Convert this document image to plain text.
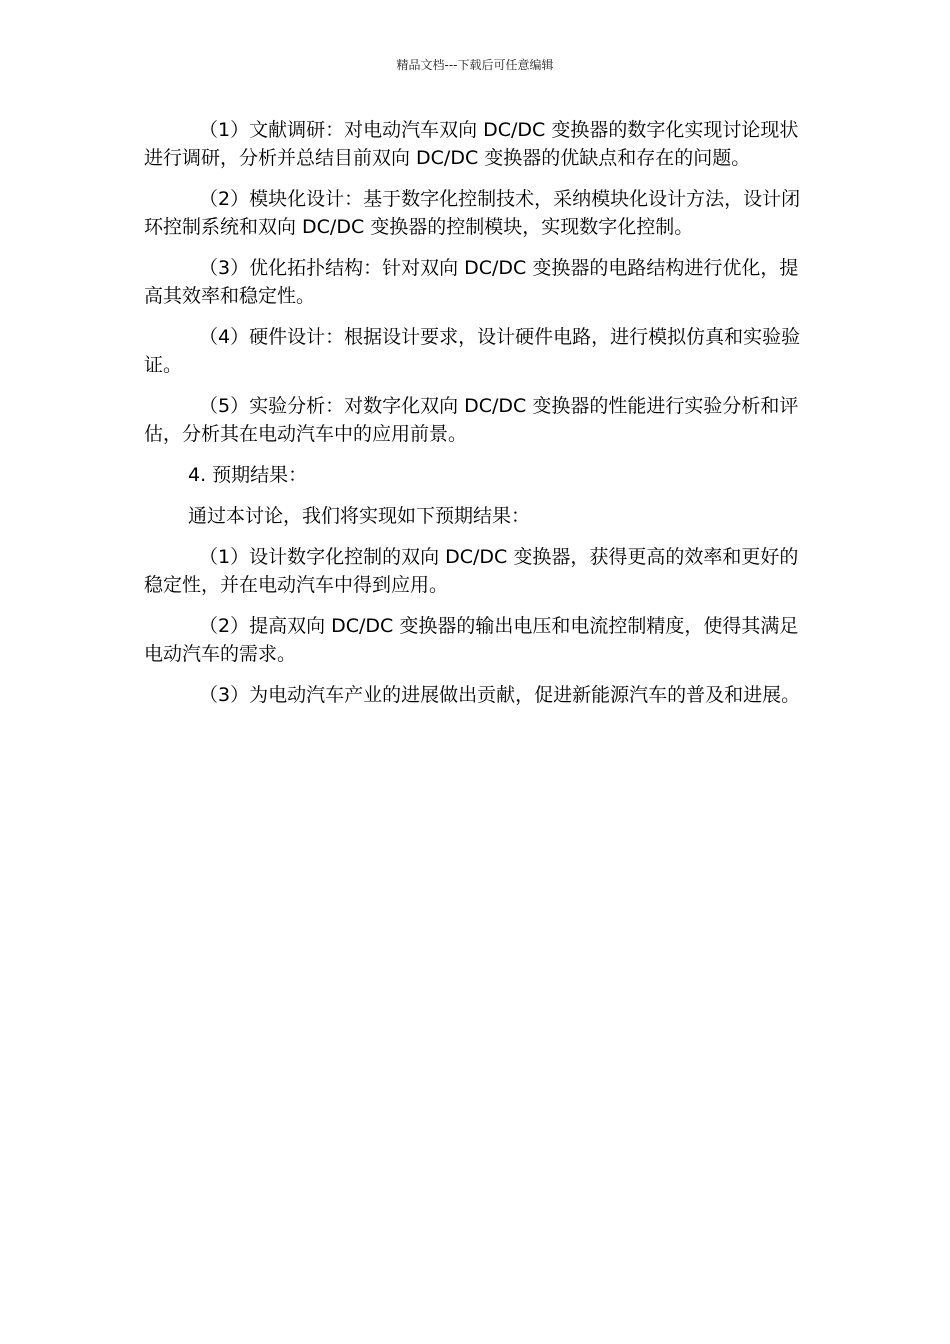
精品文档---下载后可任意编辑

（1）文献调研：对电动汽车双向 DC/DC 变换器的数字化实现讨论现状进行调研，分析并总结目前双向 DC/DC 变换器的优缺点和存在的问题。

（2）模块化设计：基于数字化控制技术，采纳模块化设计方法，设计闭环控制系统和双向 DC/DC 变换器的控制模块，实现数字化控制。

（3）优化拓扑结构：针对双向 DC/DC 变换器的电路结构进行优化，提高其效率和稳定性。

（4）硬件设计：根据设计要求，设计硬件电路，进行模拟仿真和实验验证。

（5）实验分析：对数字化双向 DC/DC 变换器的性能进行实验分析和评估，分析其在电动汽车中的应用前景。

4. 预期结果：

通过本讨论，我们将实现如下预期结果：

（1）设计数字化控制的双向 DC/DC 变换器，获得更高的效率和更好的稳定性，并在电动汽车中得到应用。

（2）提高双向 DC/DC 变换器的输出电压和电流控制精度，使得其满足电动汽车的需求。

（3）为电动汽车产业的进展做出贡献，促进新能源汽车的普及和进展。
